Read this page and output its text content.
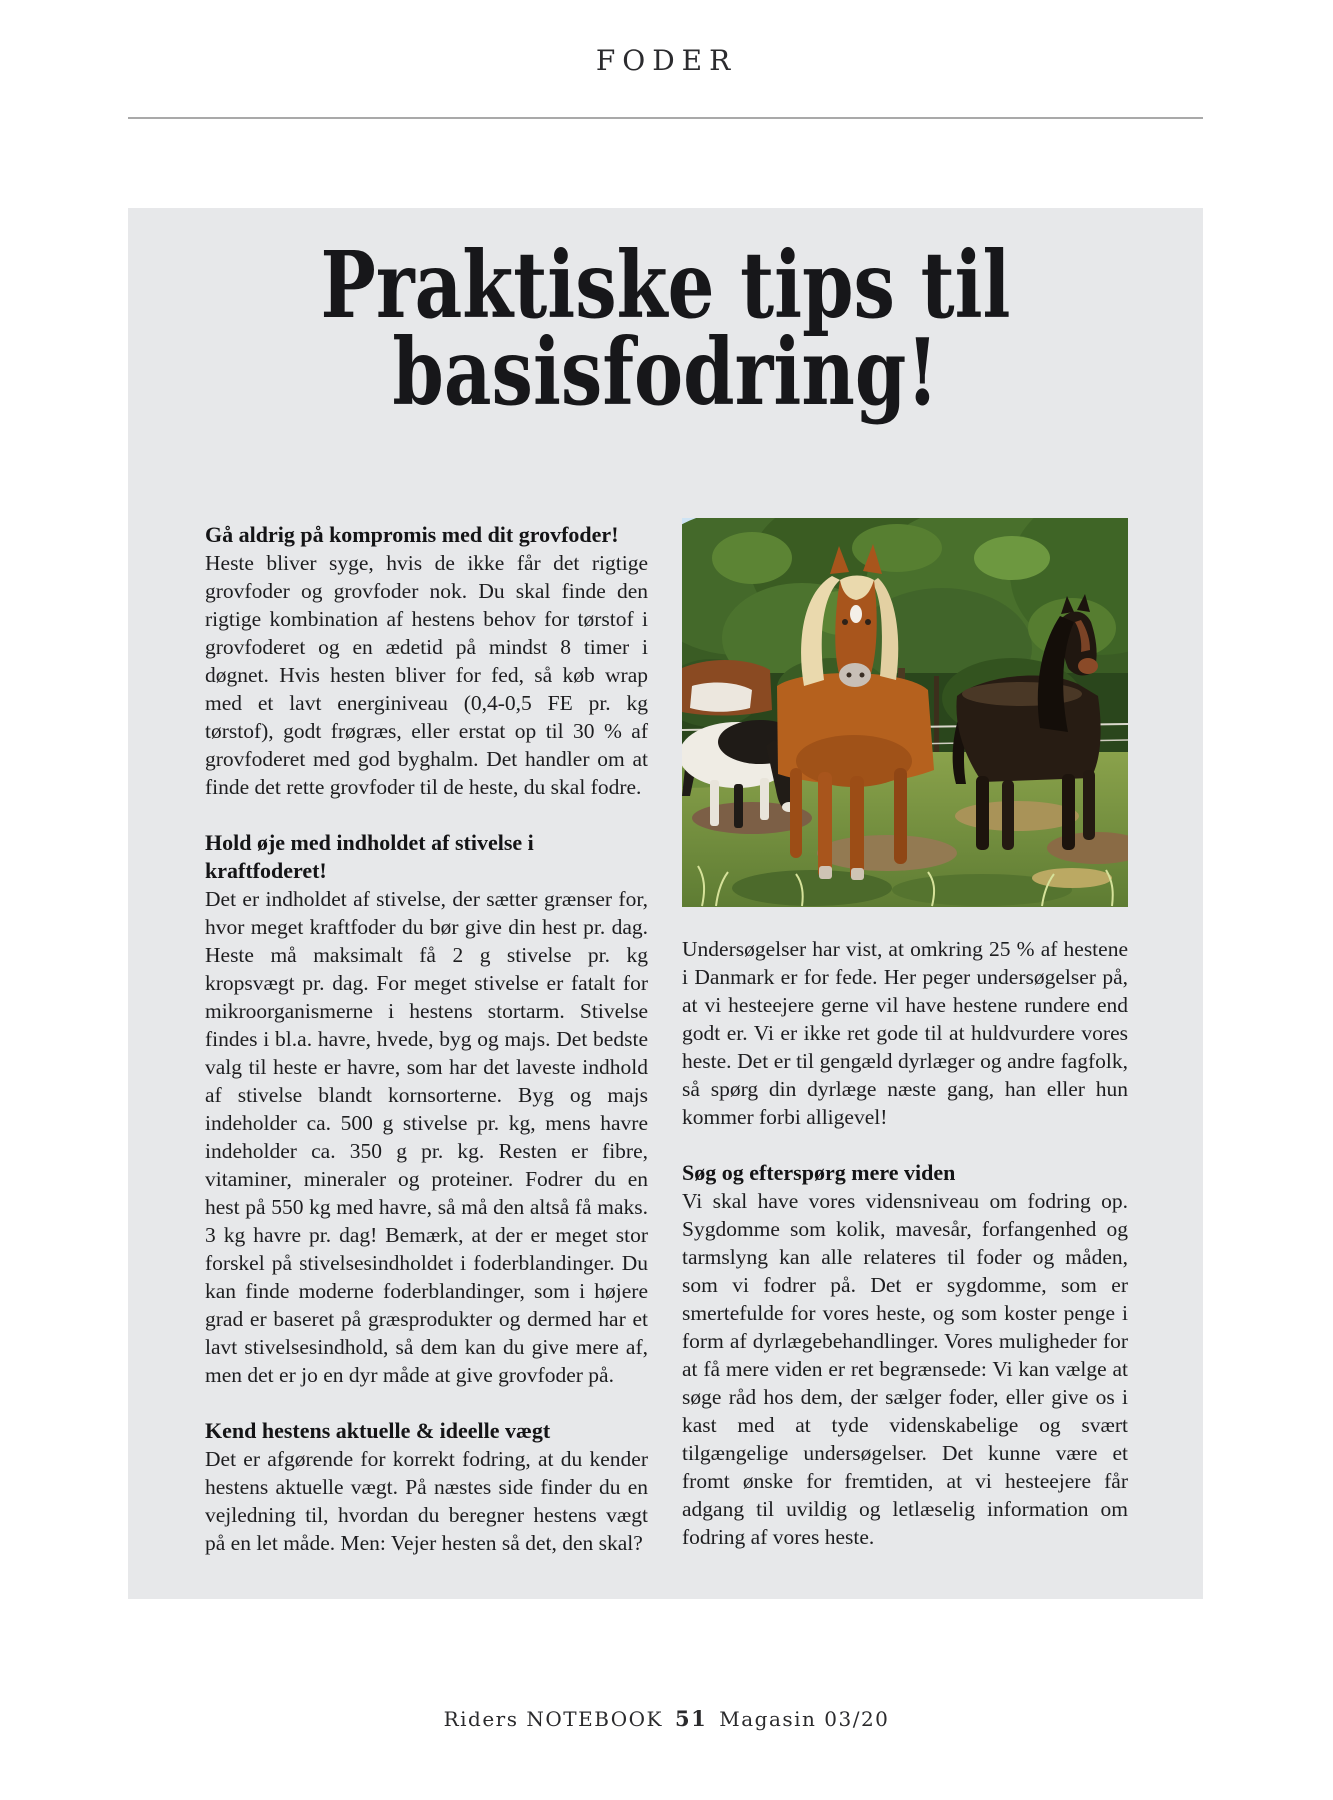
FODER
Praktiske tips til
basisfodring!
Gå aldrig på kompromis med dit grovfoder!

Heste bliver syge, hvis de ikke får det rigtige grovfoder og grovfoder nok. Du skal finde den rigtige kombination af hestens behov for tørstof i grovfoderet og en ædetid på mindst 8 timer i døgnet. Hvis hesten bliver for fed, så køb wrap med et lavt energiniveau (0,4-0,5 FE pr. kg tørstof), godt frøgræs, eller erstat op til 30 % af grovfoderet med god byghalm. Det handler om at finde det rette grovfoder til de heste, du skal fodre.

Hold øje med indholdet af stivelse i kraftfoderet!

Det er indholdet af stivelse, der sætter grænser for, hvor meget kraftfoder du bør give din hest pr. dag. Heste må maksimalt få 2 g stivelse pr. kg kropsvægt pr. dag. For meget stivelse er fatalt for mikroorganismerne i hestens stortarm. Stivelse findes i bl.a. havre, hvede, byg og majs. Det bedste valg til heste er havre, som har det laveste indhold af stivelse blandt kornsorterne. Byg og majs indeholder ca. 500 g stivelse pr. kg, mens havre indeholder ca. 350 g pr. kg. Resten er fibre, vitaminer, mineraler og proteiner. Fodrer du en hest på 550 kg med havre, så må den altså få maks. 3 kg havre pr. dag! Bemærk, at der er meget stor forskel på stivelsesindholdet i foderblandinger. Du kan finde moderne foderblandinger, som i højere grad er baseret på græsprodukter og dermed har et lavt stivelsesindhold, så dem kan du give mere af, men det er jo en dyr måde at give grovfoder på.

Kend hestens aktuelle & ideelle vægt

Det er afgørende for korrekt fodring, at du kender hestens aktuelle vægt. På næstes side finder du en vejledning til, hvordan du beregner hestens vægt på en let måde. Men: Vejer hesten så det, den skal?

Undersøgelser har vist, at omkring 25 % af hestene i Danmark er for fede. Her peger undersøgelser på, at vi hesteejere gerne vil have hestene rundere end godt er. Vi er ikke ret gode til at huldvurdere vores heste. Det er til gengæld dyrlæger og andre fagfolk, så spørg din dyrlæge næste gang, han eller hun kommer forbi alligevel!

Søg og efterspørg mere viden

Vi skal have vores vidensniveau om fodring op. Sygdomme som kolik, mavesår, forfangenhed og tarmslyng kan alle relateres til foder og måden, som vi fodrer på. Det er sygdomme, som er smertefulde for vores heste, og som koster penge i form af dyrlægebehandlinger. Vores muligheder for at få mere viden er ret begrænsede: Vi kan vælge at søge råd hos dem, der sælger foder, eller give os i kast med at tyde videnskabelige og svært tilgængelige undersøgelser. Det kunne være et fromt ønske for fremtiden, at vi hesteejere får adgang til uvildig og letlæselig information om fodring af vores heste.

Riders NOTEBOOK 51 Magasin 03/20
